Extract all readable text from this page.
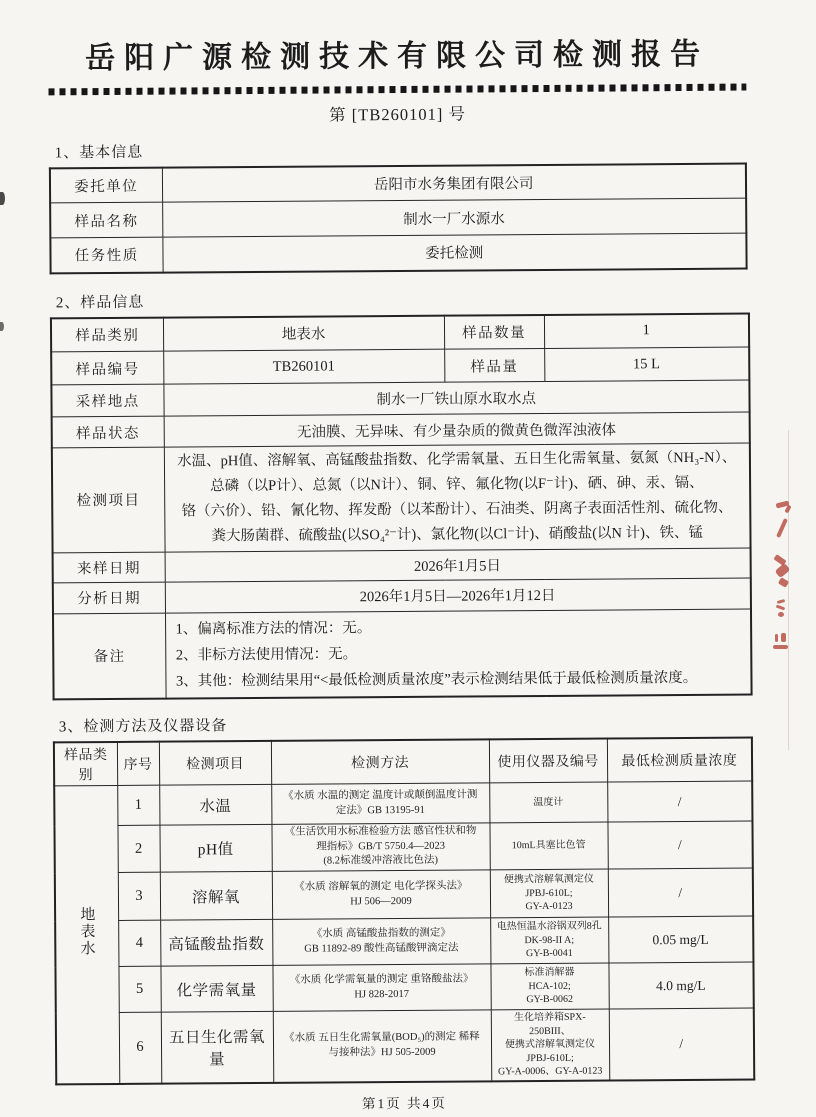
岳阳广源检测技术有限公司检测报告
第 [TB260101] 号
1、基本信息
委托单位	岳阳市水务集团有限公司
样品名称	制水一厂水源水
任务性质	委托检测
2、样品信息
样品类别	地表水	样品数量	1
样品编号	TB260101	样品量	15 L
采样地点	制水一厂铁山原水取水点		
样品状态	无油膜、无异味、有少量杂质的微黄色微浑浊液体		
检测项目	水温、pH值、溶解氧、高锰酸盐指数、化学需氧量、五日生化需氧量、氨氮（NH₃-N）、
总磷（以P计）、总氮（以N计）、铜、锌、氟化物(以F⁻计)、硒、砷、汞、镉、
铬（六价）、铅、氰化物、挥发酚（以苯酚计）、石油类、阴离子表面活性剂、硫化物、
粪大肠菌群、硫酸盐(以SO₄²⁻计)、氯化物(以Cl⁻计)、硝酸盐(以N 计)、铁、锰		
来样日期	2026年1月5日		
分析日期	2026年1月5日—2026年1月12日		
备注	1、偏离标准方法的情况：无。
2、非标方法使用情况：无。
3、其他：检测结果用“<最低检测质量浓度”表示检测结果低于最低检测质量浓度。		
3、检测方法及仪器设备
样品类别	序号	检测项目	检测方法	使用仪器及编号	最低检测质量浓度
地表水	1	水温	《水质 水温的测定 温度计或颠倒温度计测
定法》GB 13195-91	温度计	/
	2	pH值	《生活饮用水标准检验方法 感官性状和物
理指标》GB/T 5750.4—2023
(8.2标准缓冲溶液比色法)	10mL具塞比色管	/
	3	溶解氧	《水质 溶解氧的测定 电化学探头法》
HJ 506—2009	便携式溶解氧测定仪
JPBJ-610L;
GY-A-0123	/
	4	高锰酸盐指数	《水质 高锰酸盐指数的测定》
GB 11892-89 酸性高锰酸钾滴定法	电热恒温水浴锅双列8孔
DK-98-II A;
GY-B-0041	0.05 mg/L
	5	化学需氧量	《水质 化学需氧量的测定 重铬酸盐法》
HJ 828-2017	标准消解器
HCA-102;
GY-B-0062	4.0 mg/L
	6	五日生化需氧量	《水质 五日生化需氧量(BOD₅)的测定 稀释
与接种法》HJ 505-2009	生化培养箱SPX-250BIII、
便携式溶解氧测定仪
JPBJ-610L;
GY-A-0006、GY-A-0123	/
第1页 共4页
